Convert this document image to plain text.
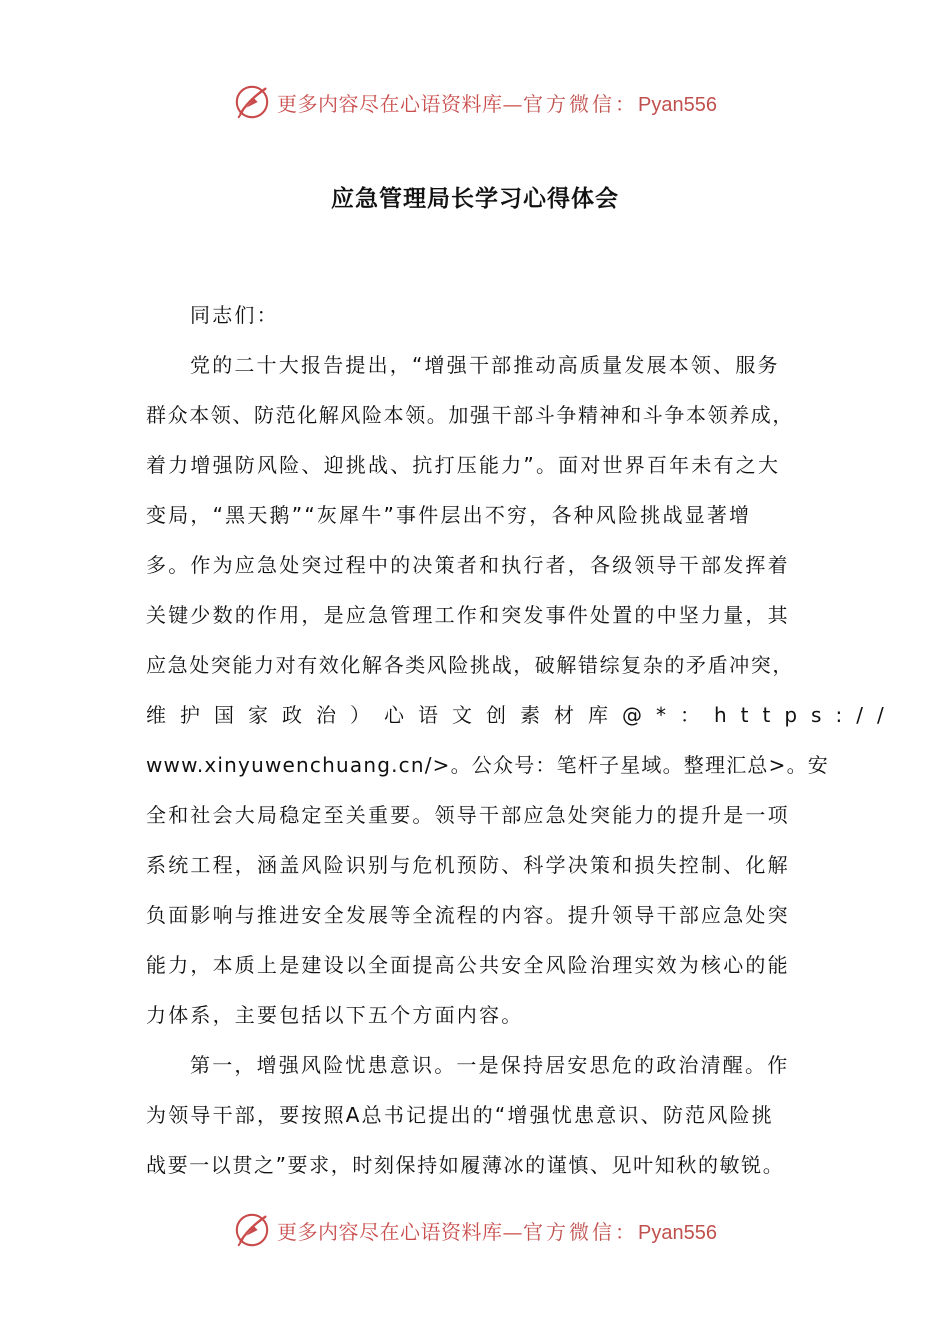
更多内容尽在心语资料库—官方微信：Pyan556
应急管理局长学习心得体会
同志们：
党的二十大报告提出，“增强干部推动高质量发展本领、服务
群众本领、防范化解风险本领。加强干部斗争精神和斗争本领养成，
着力增强防风险、迎挑战、抗打压能力”。面对世界百年未有之大
变局，“黑天鹅”“灰犀牛”事件层出不穷，各种风险挑战显著增
多。作为应急处突过程中的决策者和执行者，各级领导干部发挥着
关键少数的作用，是应急管理工作和突发事件处置的中坚力量，其
应急处突能力对有效化解各类风险挑战，破解错综复杂的矛盾冲突，
维护国家政治）心语文创素材库@*：https://
www.xinyuwenchuang.cn/>。公众号：笔杆子星域。整理汇总>。安
全和社会大局稳定至关重要。领导干部应急处突能力的提升是一项
系统工程，涵盖风险识别与危机预防、科学决策和损失控制、化解
负面影响与推进安全发展等全流程的内容。提升领导干部应急处突
能力，本质上是建设以全面提高公共安全风险治理实效为核心的能
力体系，主要包括以下五个方面内容。
第一，增强风险忧患意识。一是保持居安思危的政治清醒。作
为领导干部，要按照A总书记提出的“增强忧患意识、防范风险挑
战要一以贯之”要求，时刻保持如履薄冰的谨慎、见叶知秋的敏锐。
更多内容尽在心语资料库—官方微信：Pyan556
